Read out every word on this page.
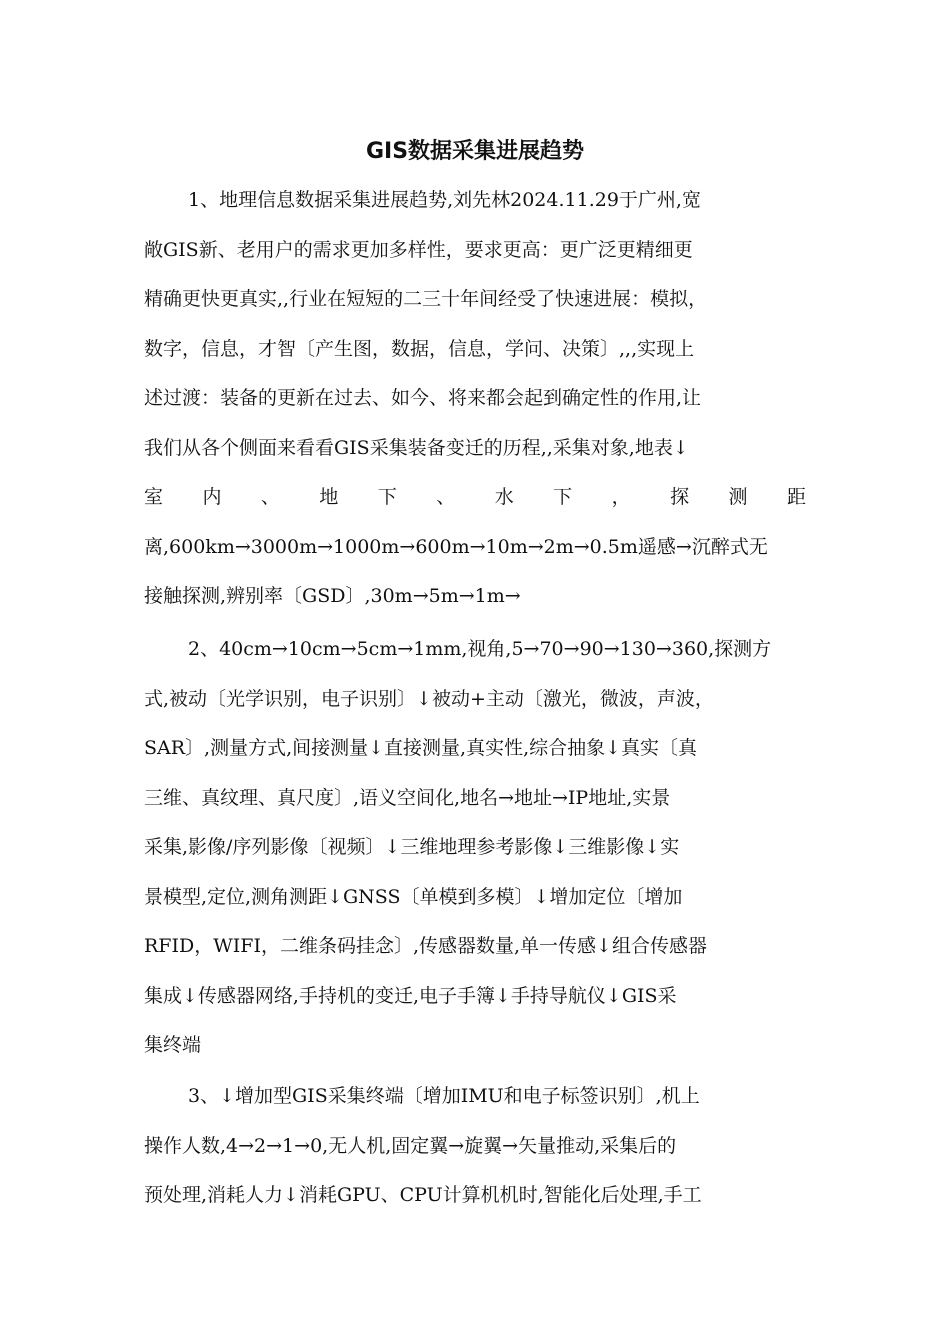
GIS数据采集进展趋势

1、地理信息数据采集进展趋势,刘先林2024.11.29于广州,宽
敞GIS新、老用户的需求更加多样性，要求更高：更广泛更精细更
精确更快更真实,,行业在短短的二三十年间经受了快速进展：模拟，
数字，信息，才智〔产生图，数据，信息，学问、决策〕,,,实现上
述过渡：装备的更新在过去、如今、将来都会起到确定性的作用,让
我们从各个侧面来看看GIS采集装备变迁的历程,,采集对象,地表↓
室 内 、 地 下 、 水 下 ， 探 测 距
离,600km→3000m→1000m→600m→10m→2m→0.5m遥感→沉醉式无
接触探测,辨别率〔GSD〕,30m→5m→1m→

2、40cm→10cm→5cm→1mm,视角,5→70→90→130→360,探测方
式,被动〔光学识别，电子识别〕↓被动+主动〔激光，微波，声波，
SAR〕,测量方式,间接测量↓直接测量,真实性,综合抽象↓真实〔真
三维、真纹理、真尺度〕,语义空间化,地名→地址→IP地址,实景
采集,影像/序列影像〔视频〕↓三维地理参考影像↓三维影像↓实
景模型,定位,测角测距↓GNSS〔单模到多模〕↓增加定位〔增加
RFID，WIFI，二维条码挂念〕,传感器数量,单一传感↓组合传感器
集成↓传感器网络,手持机的变迁,电子手簿↓手持导航仪↓GIS采
集终端

3、↓增加型GIS采集终端〔增加IMU和电子标签识别〕,机上
操作人数,4→2→1→0,无人机,固定翼→旋翼→矢量推动,采集后的
预处理,消耗人力↓消耗GPU、CPU计算机机时,智能化后处理,手工
